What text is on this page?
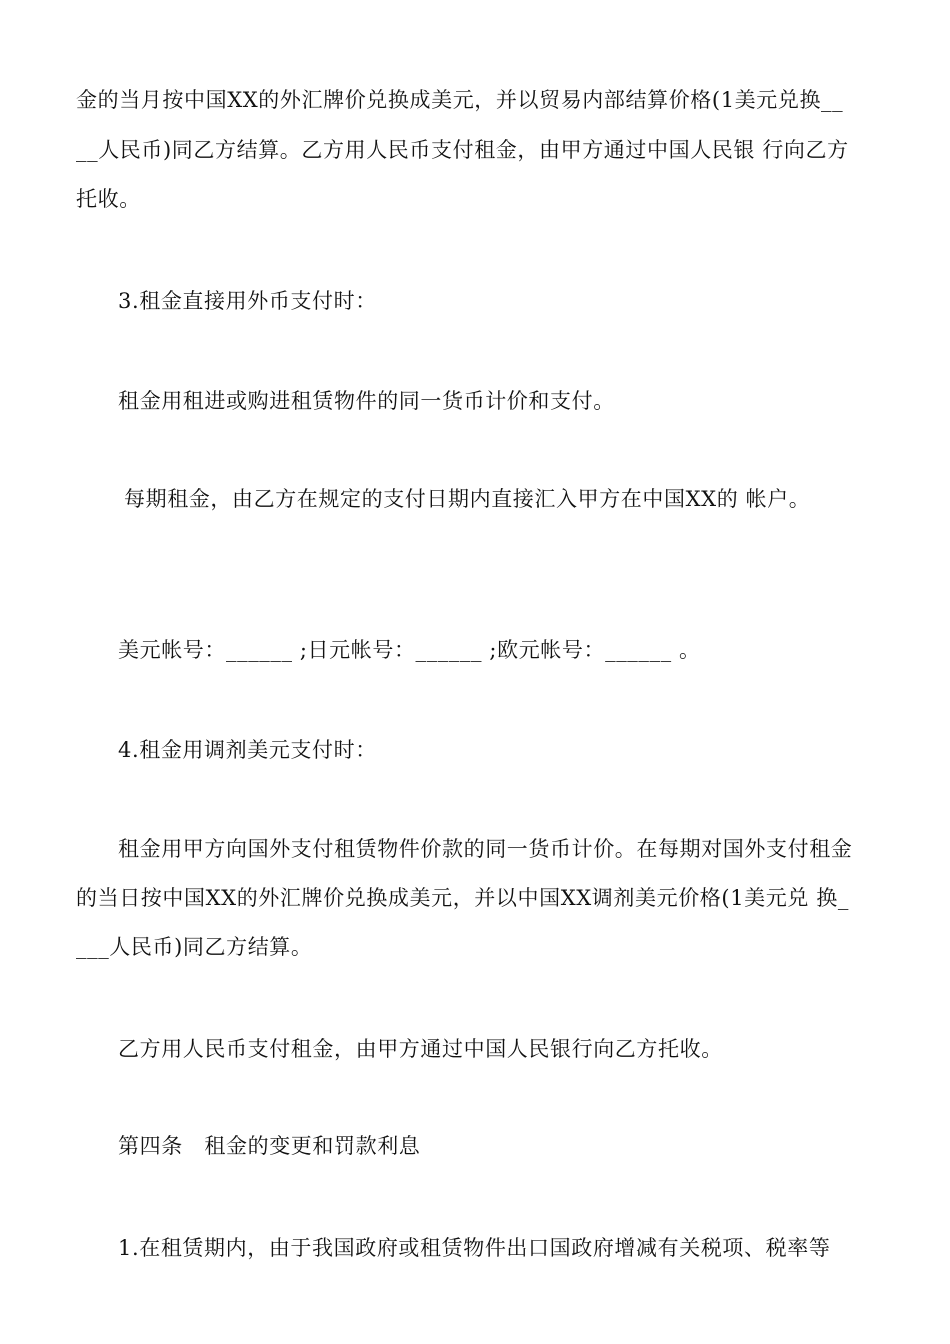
金的当月按中国XX的外汇牌价兑换成美元，并以贸易内部结算价格(1美元兑换__
__人民币)同乙方结算。乙方用人民币支付租金，由甲方通过中国人民银 行向乙方
托收。
3.租金直接用外币支付时：
租金用租进或购进租赁物件的同一货币计价和支付。
每期租金，由乙方在规定的支付日期内直接汇入甲方在中国XX的 帐户。
美元帐号：______ ;日元帐号：______ ;欧元帐号：______ 。
4.租金用调剂美元支付时：
租金用甲方向国外支付租赁物件价款的同一货币计价。在每期对国外支付租金
的当日按中国XX的外汇牌价兑换成美元，并以中国XX调剂美元价格(1美元兑 换_
___人民币)同乙方结算。
乙方用人民币支付租金，由甲方通过中国人民银行向乙方托收。
第四条　租金的变更和罚款利息
1.在租赁期内，由于我国政府或租赁物件出口国政府增减有关税项、税率等
